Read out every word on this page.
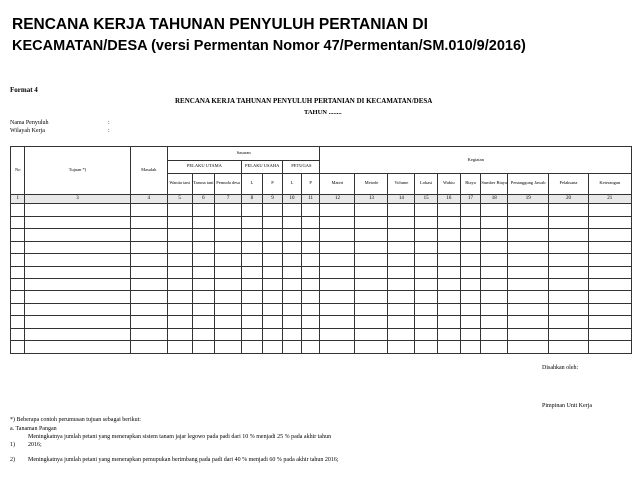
RENCANA KERJA TAHUNAN PENYULUH PERTANIAN DI
KECAMATAN/DESA (versi Permentan Nomor 47/Permentan/SM.010/9/2016)
Format 4
RENCANA KERJA TAHUNAN PENYULUH PERTANIAN DI KECAMATAN/DESA
TAHUN ........
Nama Penyuluh	:
Wilayah Kerja	:
No	Tujuan *)	Masalah	Sasaran							Kegiatan									
			PELAKU UTAMA			PELAKU USAHA		PETUGAS											
			Wanita tani	Taruna tani	Pemuda desa	L	P	L	P	Materi	Metode	Volume	Lokasi	Waktu	Biaya	Sumber Biaya	Penanggung Jawab	Pelaksana	Keterangan
1	3	4	5	6	7	8	9	10	11	12	13	14	15	16	17	18	19	20	21

Disahkan oleh:
Pimpinan Unit Kerja
*) Beberapa contoh perumusan tujuan sebagai berikut:
a. Tanaman Pangan
Meningkatnya jumlah petani yang menerapkan sistem tanam jajar legowo pada padi dari 10 % menjadi 25 % pada akhir tahun
1) 2016;
2) Meningkatnya jumlah petani yang menerapkan pemupukan berimbang pada padi dari 40 % menjadi 60 % pada akhir tahun 2016;
